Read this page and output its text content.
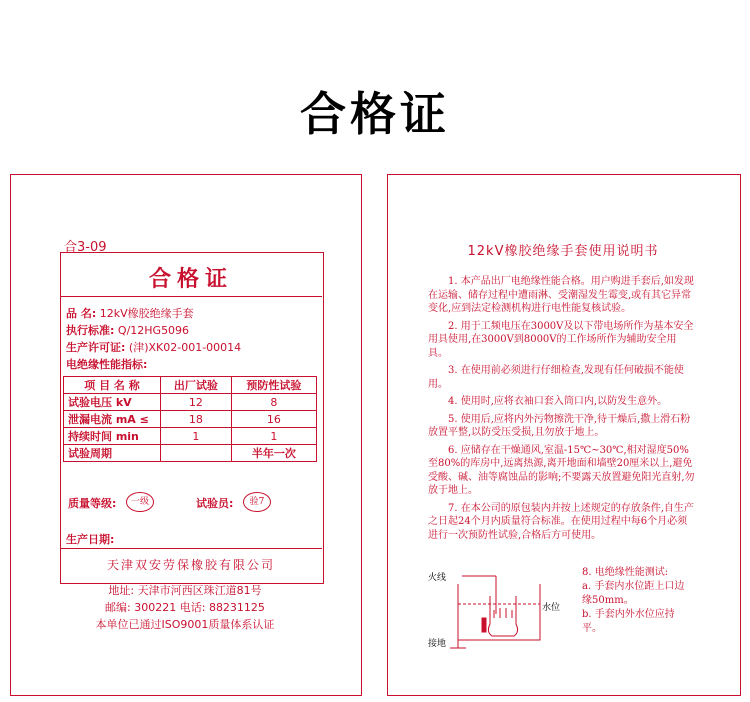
合格证
合3-09
合格证
品 名: 12kV橡胶绝缘手套
执行标准: Q/12HG5096
生产许可证: (津)XK02-001-00014
电绝缘性能指标:
项 目 名 称	出厂试验	预防性试验
试验电压 kV	12	8
泄漏电流 mA ≤	18	16
持续时间 min	1	1
试验周期		半年一次
质量等级:	一级	试验员:	验7
生产日期:
天津双安劳保橡胶有限公司
地址: 天津市河西区珠江道81号
邮编: 300221 电话: 88231125
本单位已通过ISO9001质量体系认证
12kV橡胶绝缘手套使用说明书

1. 本产品出厂电绝缘性能合格。用户购进手套后,如发现在运输、储存过程中遭雨淋、受潮湿发生霉变,或有其它异常变化,应到法定检测机构进行电性能复核试验。

2. 用于工频电压在3000V及以下带电场所作为基本安全用具使用,在3000V到8000V的工作场所作为辅助安全用具。

3. 在使用前必须进行仔细检查,发现有任何破损不能使用。

4. 使用时,应将衣袖口套入筒口内,以防发生意外。

5. 使用后,应将内外污物擦洗干净,待干燥后,撒上滑石粉放置平整,以防受压受损,且勿放于地上。

6. 应储存在干燥通风,室温-15℃~30℃,相对湿度50%至80%的库房中,远离热源,离开地面和墙壁20厘米以上,避免受酸、碱、油等腐蚀品的影响;不要露天放置避免阳光直射,勿放于地上。

7. 在本公司的原包装内并按上述规定的存放条件,自生产之日起24个月内质量符合标准。在使用过程中每6个月必须进行一次预防性试验,合格后方可使用。

火线
水位
接地
8. 电绝缘性能测试:
a. 手套内水位距上口边缘50mm。
b. 手套内外水位应持平。
